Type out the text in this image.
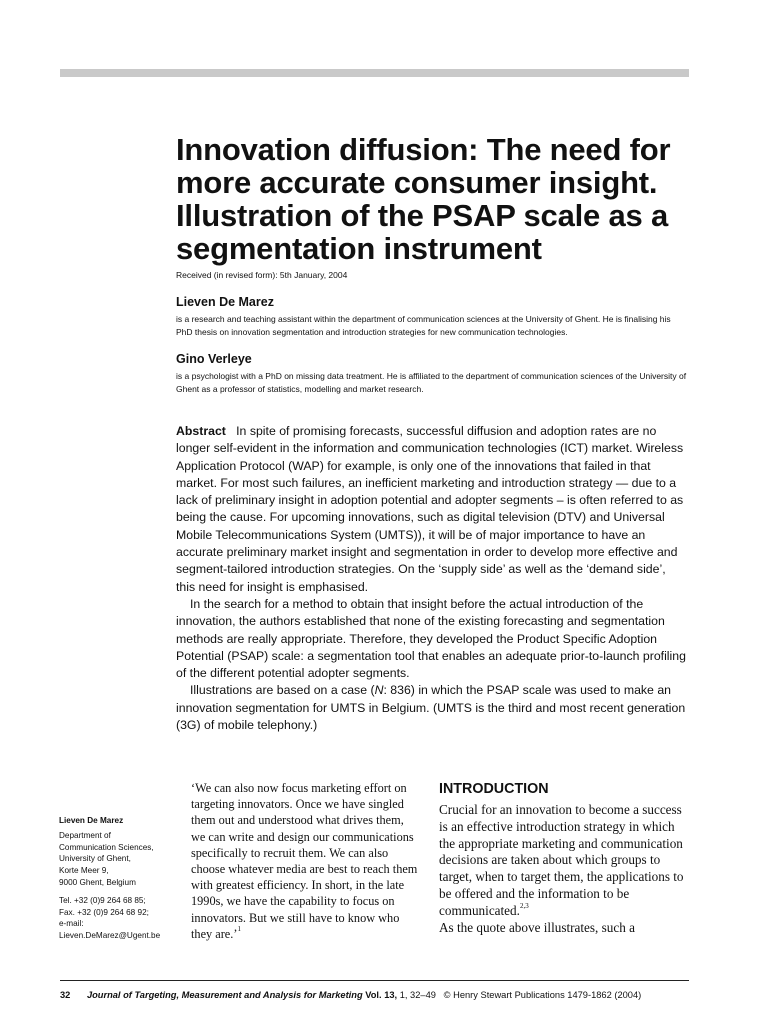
Innovation diffusion: The need for more accurate consumer insight. Illustration of the PSAP scale as a segmentation instrument
Received (in revised form): 5th January, 2004
Lieven De Marez
is a research and teaching assistant within the department of communication sciences at the University of Ghent. He is finalising his PhD thesis on innovation segmentation and introduction strategies for new communication technologies.
Gino Verleye
is a psychologist with a PhD on missing data treatment. He is affiliated to the department of communication sciences of the University of Ghent as a professor of statistics, modelling and market research.

Abstract In spite of promising forecasts, successful diffusion and adoption rates are no longer self-evident in the information and communication technologies (ICT) market. Wireless Application Protocol (WAP) for example, is only one of the innovations that failed in that market. For most such failures, an inefficient marketing and introduction strategy — due to a lack of preliminary insight in adoption potential and adopter segments – is often referred to as being the cause. For upcoming innovations, such as digital television (DTV) and Universal Mobile Telecommunications System (UMTS)), it will be of major importance to have an accurate preliminary market insight and segmentation in order to develop more effective and segment-tailored introduction strategies. On the ‘supply side’ as well as the ‘demand side’, this need for insight is emphasised.

In the search for a method to obtain that insight before the actual introduction of the innovation, the authors established that none of the existing forecasting and segmentation methods are really appropriate. Therefore, they developed the Product Specific Adoption Potential (PSAP) scale: a segmentation tool that enables an adequate prior-to-launch profiling of the different potential adopter segments.

Illustrations are based on a case (N: 836) in which the PSAP scale was used to make an innovation segmentation for UMTS in Belgium. (UMTS is the third and most recent generation (3G) of mobile telephony.)

Lieven De Marez
Department of
Communication Sciences,
University of Ghent,
Korte Meer 9,
9000 Ghent, Belgium
Tel. +32 (0)9 264 68 85;
Fax. +32 (0)9 264 68 92;
e-mail:
Lieven.DeMarez@Ugent.be
‘We can also now focus marketing effort on targeting innovators. Once we have singled them out and understood what drives them, we can write and design our communications specifically to recruit them. We can also choose whatever media are best to reach them with greatest efficiency. In short, in the late 1990s, we have the capability to focus on innovators. But we still have to know who they are.’$^1$
INTRODUCTION
Crucial for an innovation to become a success is an effective introduction strategy in which the appropriate marketing and communication decisions are taken about which groups to target, when to target them, the applications to be offered and the information to be communicated.$^{2,3}$
As the quote above illustrates, such a
32 Journal of Targeting, Measurement and Analysis for Marketing Vol. 13, 1, 32–49 © Henry Stewart Publications 1479-1862 (2004)
